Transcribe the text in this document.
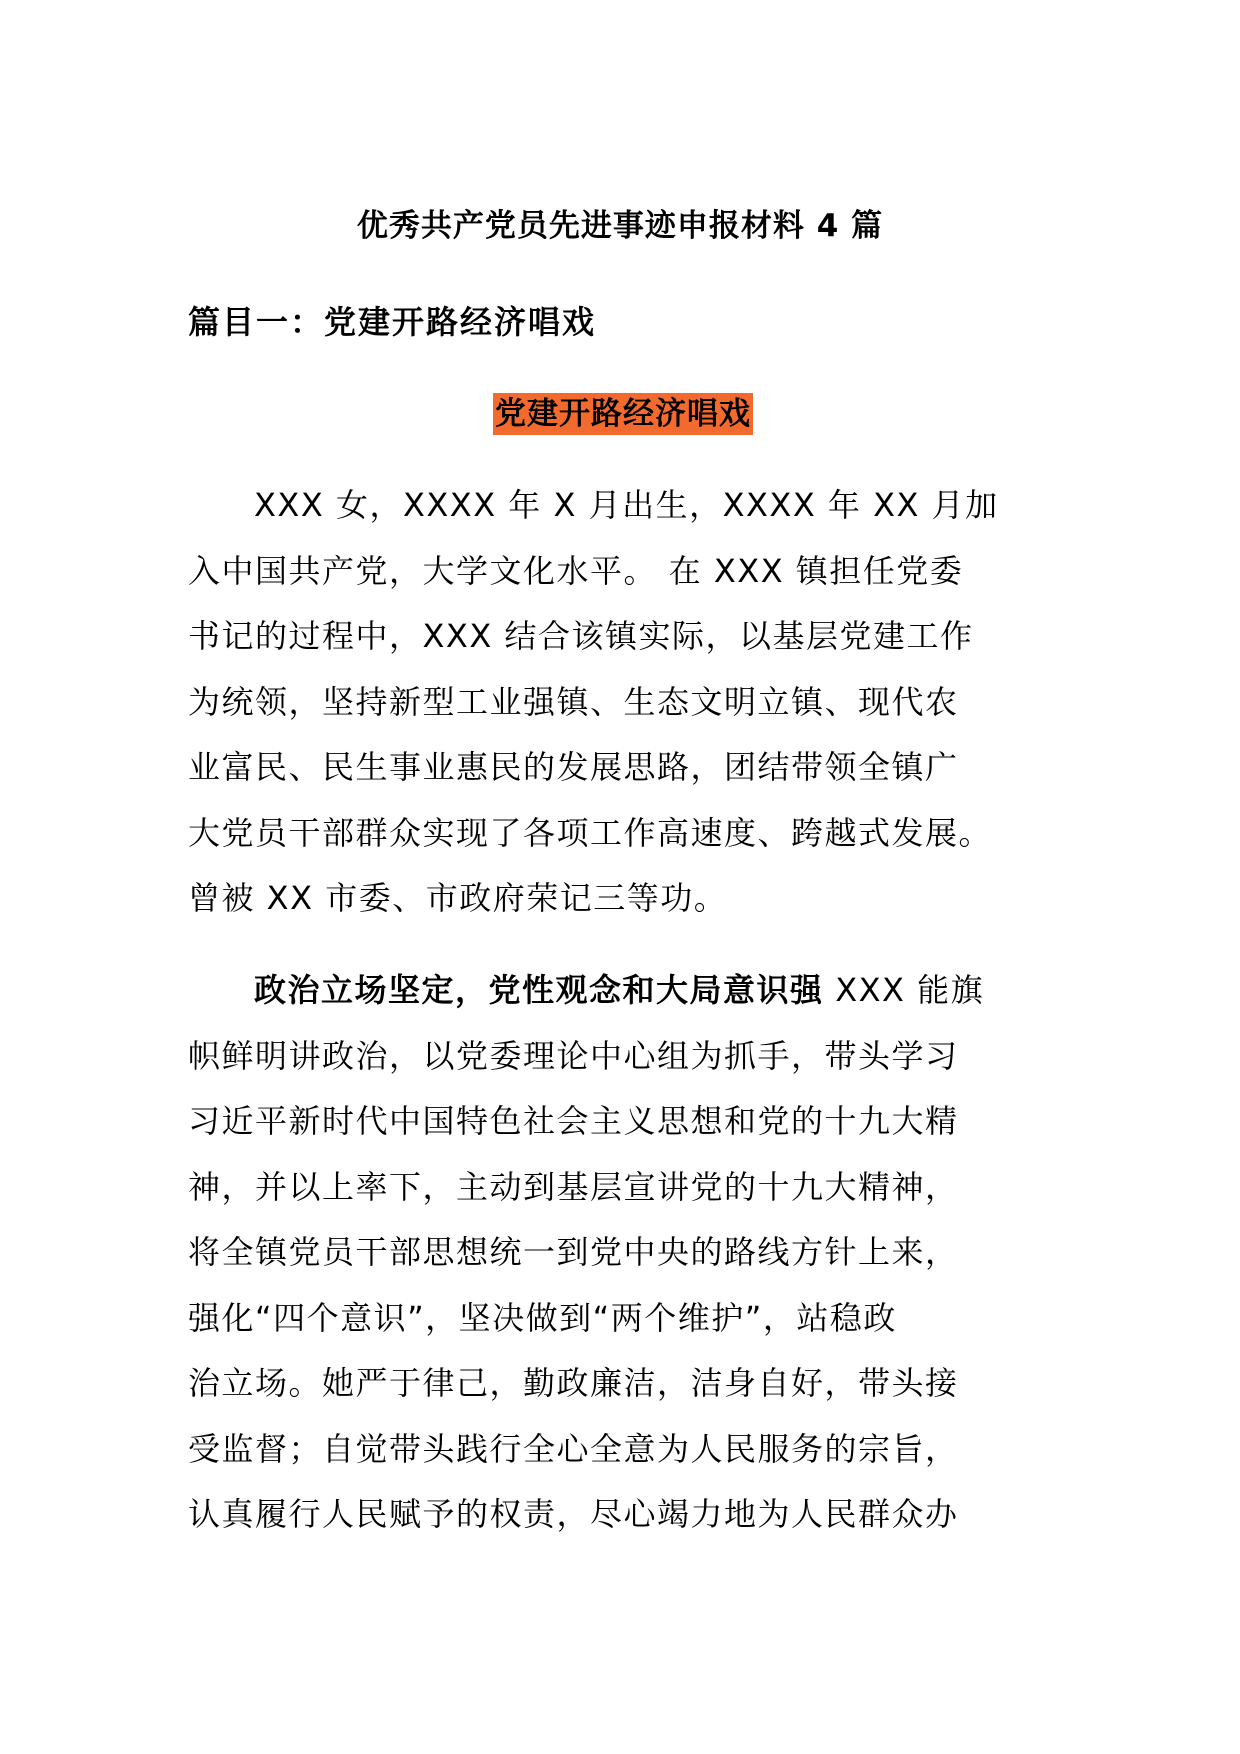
优秀共产党员先进事迹申报材料 4 篇
篇目一：党建开路经济唱戏
党建开路经济唱戏

XXX 女，XXXX 年 X 月出生，XXXX 年 XX 月加

入中国共产党，大学文化水平。 在 XXX 镇担任党委

书记的过程中，XXX 结合该镇实际，以基层党建工作

为统领，坚持新型工业强镇、生态文明立镇、现代农

业富民、民生事业惠民的发展思路，团结带领全镇广

大党员干部群众实现了各项工作高速度、跨越式发展。

曾被 XX 市委、市政府荣记三等功。

政治立场坚定，党性观念和大局意识强 XXX 能旗

帜鲜明讲政治，以党委理论中心组为抓手，带头学习

习近平新时代中国特色社会主义思想和党的十九大精

神，并以上率下，主动到基层宣讲党的十九大精神，

将全镇党员干部思想统一到党中央的路线方针上来，

强化“四个意识”，坚决做到“两个维护”，站稳政

治立场。她严于律己，勤政廉洁，洁身自好，带头接

受监督；自觉带头践行全心全意为人民服务的宗旨，

认真履行人民赋予的权责，尽心竭力地为人民群众办
